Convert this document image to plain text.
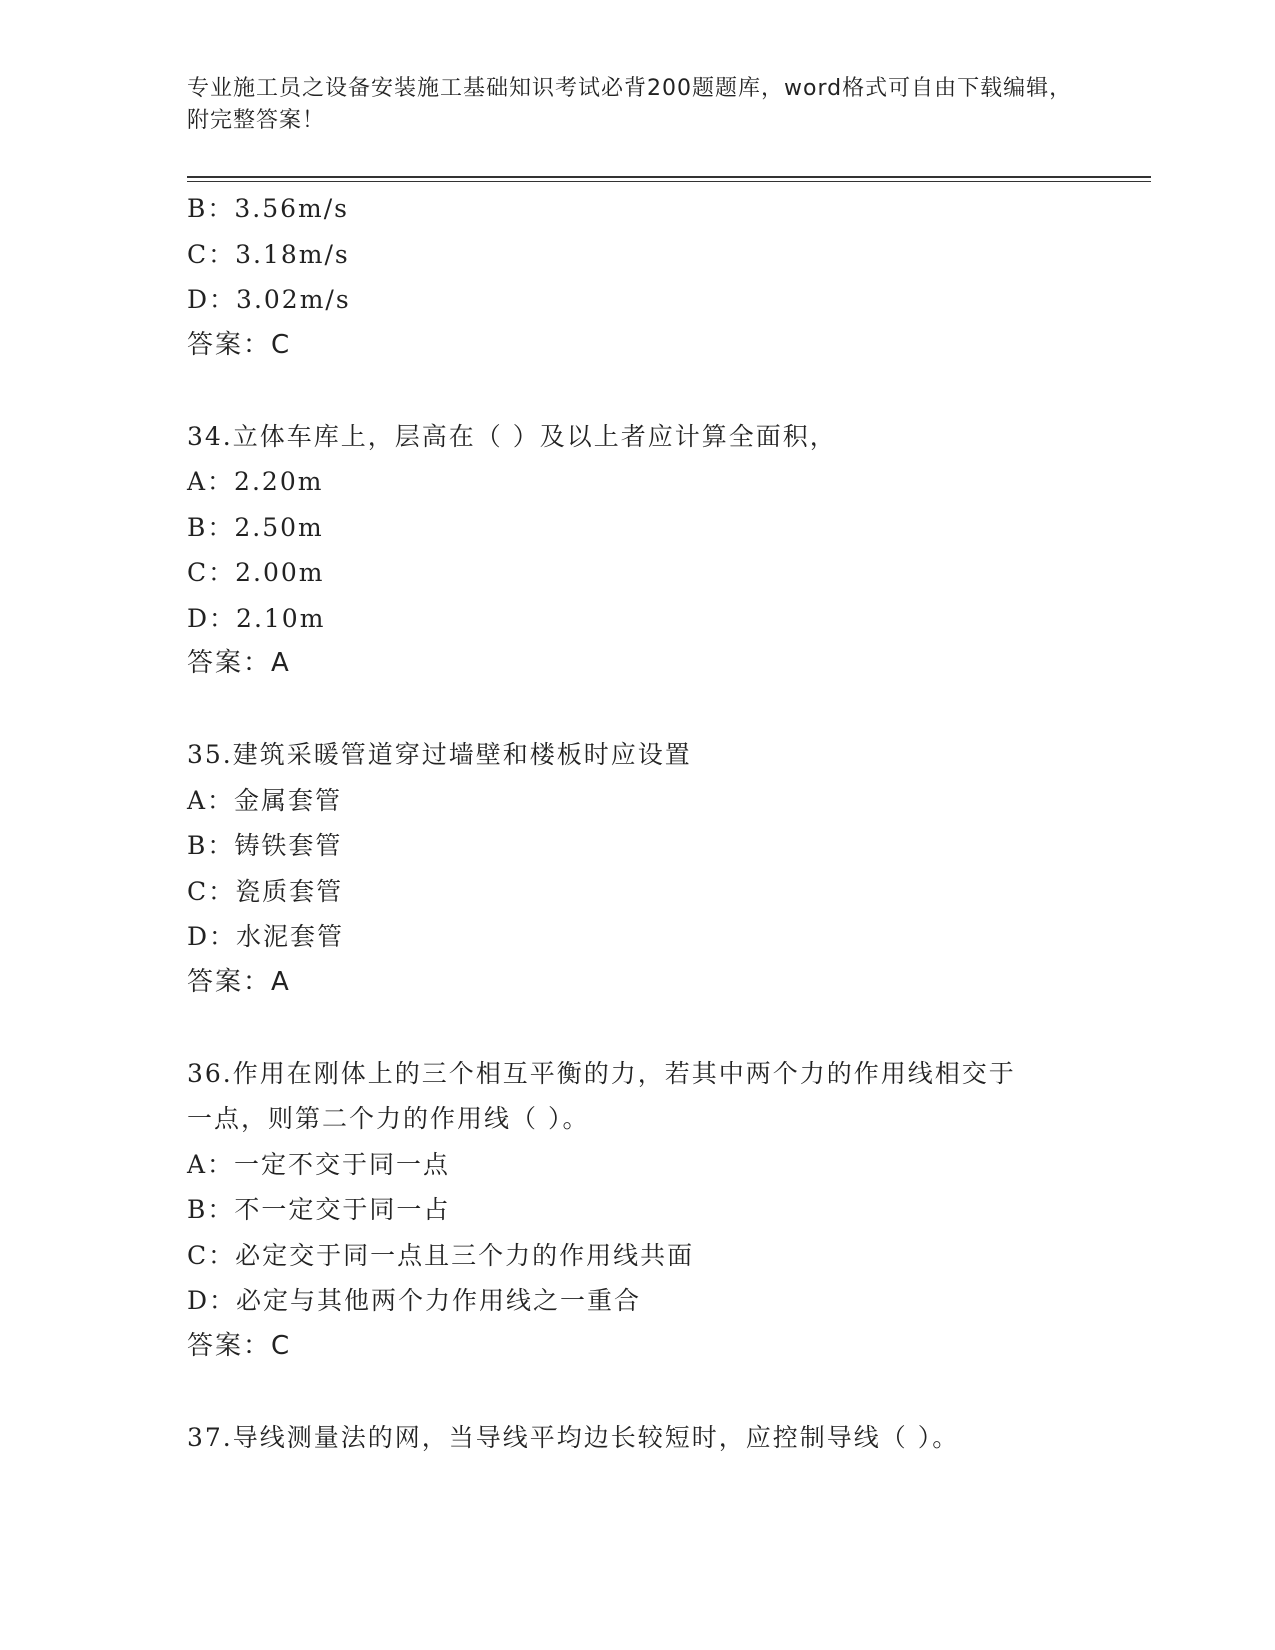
专业施工员之设备安装施工基础知识考试必背200题题库，word格式可自由下载编辑，附完整答案！
B：3.56m/s
C：3.18m/s
D：3.02m/s
答案：C
34.立体车库上，层高在（ ）及以上者应计算全面积，
A：2.20m
B：2.50m
C：2.00m
D：2.10m
答案：A
35.建筑采暖管道穿过墙壁和楼板时应设置
A：金属套管
B：铸铁套管
C：瓷质套管
D：水泥套管
答案：A
36.作用在刚体上的三个相互平衡的力，若其中两个力的作用线相交于
一点，则第二个力的作用线（ ）。
A：一定不交于同一点
B：不一定交于同一占
C：必定交于同一点且三个力的作用线共面
D：必定与其他两个力作用线之一重合
答案：C
37.导线测量法的网，当导线平均边长较短时，应控制导线（ ）。
